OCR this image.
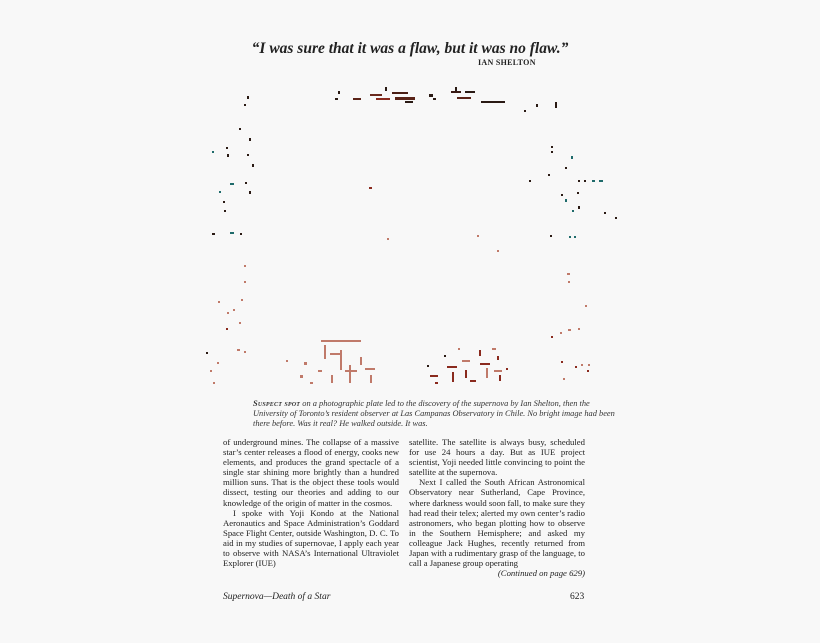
“I was sure that it was a flaw, but it was no flaw.”
IAN SHELTON
Suspect spot on a photographic plate led to the discovery of the supernova by Ian Shelton, then the University of Toronto’s resident observer at Las Campanas Observatory in Chile. No bright image had been there before. Was it real? He walked outside. It was.

of underground mines. The collapse of a massive star’s center releases a flood of energy, cooks new elements, and produces the grand spectacle of a single star shining more brightly than a hundred million suns. That is the object these tools would dissect, testing our theories and adding to our knowledge of the origin of matter in the cosmos.

I spoke with Yoji Kondo at the National Aeronautics and Space Administration’s Goddard Space Flight Center, outside Washington, D. C. To aid in my studies of supernovae, I apply each year to observe with NASA’s International Ultraviolet Explorer (IUE)

satellite. The satellite is always busy, scheduled for use 24 hours a day. But as IUE project scientist, Yoji needed little convincing to point the satellite at the supernova.

Next I called the South African Astronomical Observatory near Sutherland, Cape Province, where darkness would soon fall, to make sure they had read their telex; alerted my own center’s radio astronomers, who began plotting how to observe in the Southern Hemisphere; and asked my colleague Jack Hughes, recently returned from Japan with a rudimentary grasp of the language, to call a Japanese group operating
(Continued on page 629)

Supernova—Death of a Star	623
